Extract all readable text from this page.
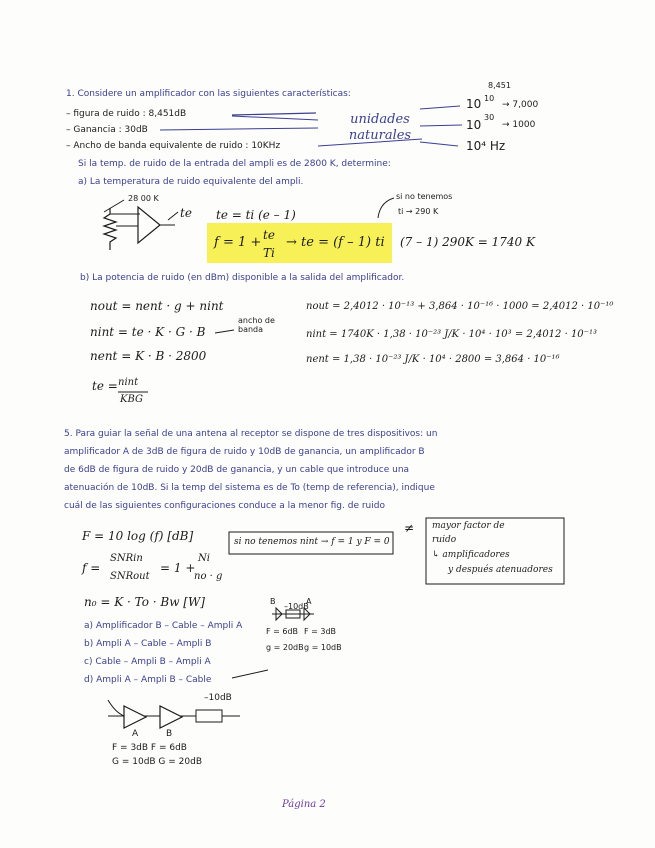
1. Considere un amplificador con las siguientes características:
– figura de ruido : 8,451dB
– Ganancia : 30dB
– Ancho de banda equivalente de ruido : 10KHz
unidades naturales
8,451
10 10
→ 7,000
10
30
→ 1000
10⁴ Hz
Si la temp. de ruido de la entrada del ampli es de 2800 K, determine:
a) La temperatura de ruido equivalente del ampli.
28 00 K
te te = ti (e – 1)
f = 1 + te
Ti
→ te = (f – 1) ti
si no tenemos
ti → 290 K
(7 – 1) 290K = 1740 K
b) La potencia de ruido (en dBm) disponible a la salida del amplificador.
nout = nent · g + nint
nint = te · K · G · B
ancho de banda
nent = K · B · 2800
te = nint
KBG
nout = 2,4012 · 10⁻¹³ + 3,864 · 10⁻¹⁶ · 1000 = 2,4012 · 10⁻¹⁰
nint = 1740K · 1,38 · 10⁻²³ J/K · 10⁴ · 10³ = 2,4012 · 10⁻¹³
nent = 1,38 · 10⁻²³ J/K · 10⁴ · 2800 = 3,864 · 10⁻¹⁶
5. Para guiar la señal de una antena al receptor se dispone de tres dispositivos: un
amplificador A de 3dB de figura de ruido y 10dB de ganancia, un amplificador B
de 6dB de figura de ruido y 20dB de ganancia, y un cable que introduce una
atenuación de 10dB. Si la temp del sistema es de To (temp de referencia), indique
cuál de las siguientes configuraciones conduce a la menor fig. de ruido
F = 10 log (f) [dB]
f =
SNRin
SNRout
= 1 +
Ni
no · g
si no tenemos nint → f = 1 y F = 0
≠ mayor factor de
ruido
↳ amplificadores
y después atenuadores
n₀ = K · To · Bw [W]
a) Amplificador B – Cable – Ampli A
b) Ampli A – Cable – Ampli B
c) Cable – Ampli B – Ampli A
d) Ampli A – Ampli B – Cable
B	A
–10dB
F = 6dB F = 3dB
g = 20dB g = 10dB
–10dB
A	B
F = 3dB F = 6dB
G = 10dB G = 20dB
Página 2
